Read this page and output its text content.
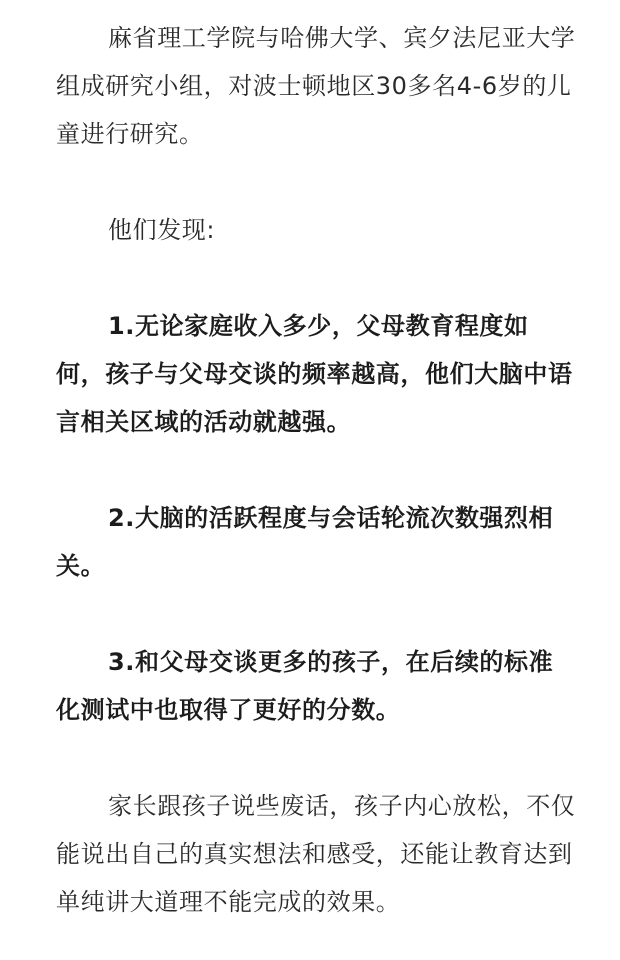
麻省理工学院与哈佛大学、宾夕法尼亚大学组成研究小组，对波士顿地区30多名4-6岁的儿童进行研究。

他们发现:

1.无论家庭收入多少，父母教育程度如何，孩子与父母交谈的频率越高，他们大脑中语言相关区域的活动就越强。

2.大脑的活跃程度与会话轮流次数强烈相关。

3.和父母交谈更多的孩子，在后续的标准化测试中也取得了更好的分数。

家长跟孩子说些废话，孩子内心放松，不仅能说出自己的真实想法和感受，还能让教育达到单纯讲大道理不能完成的效果。
